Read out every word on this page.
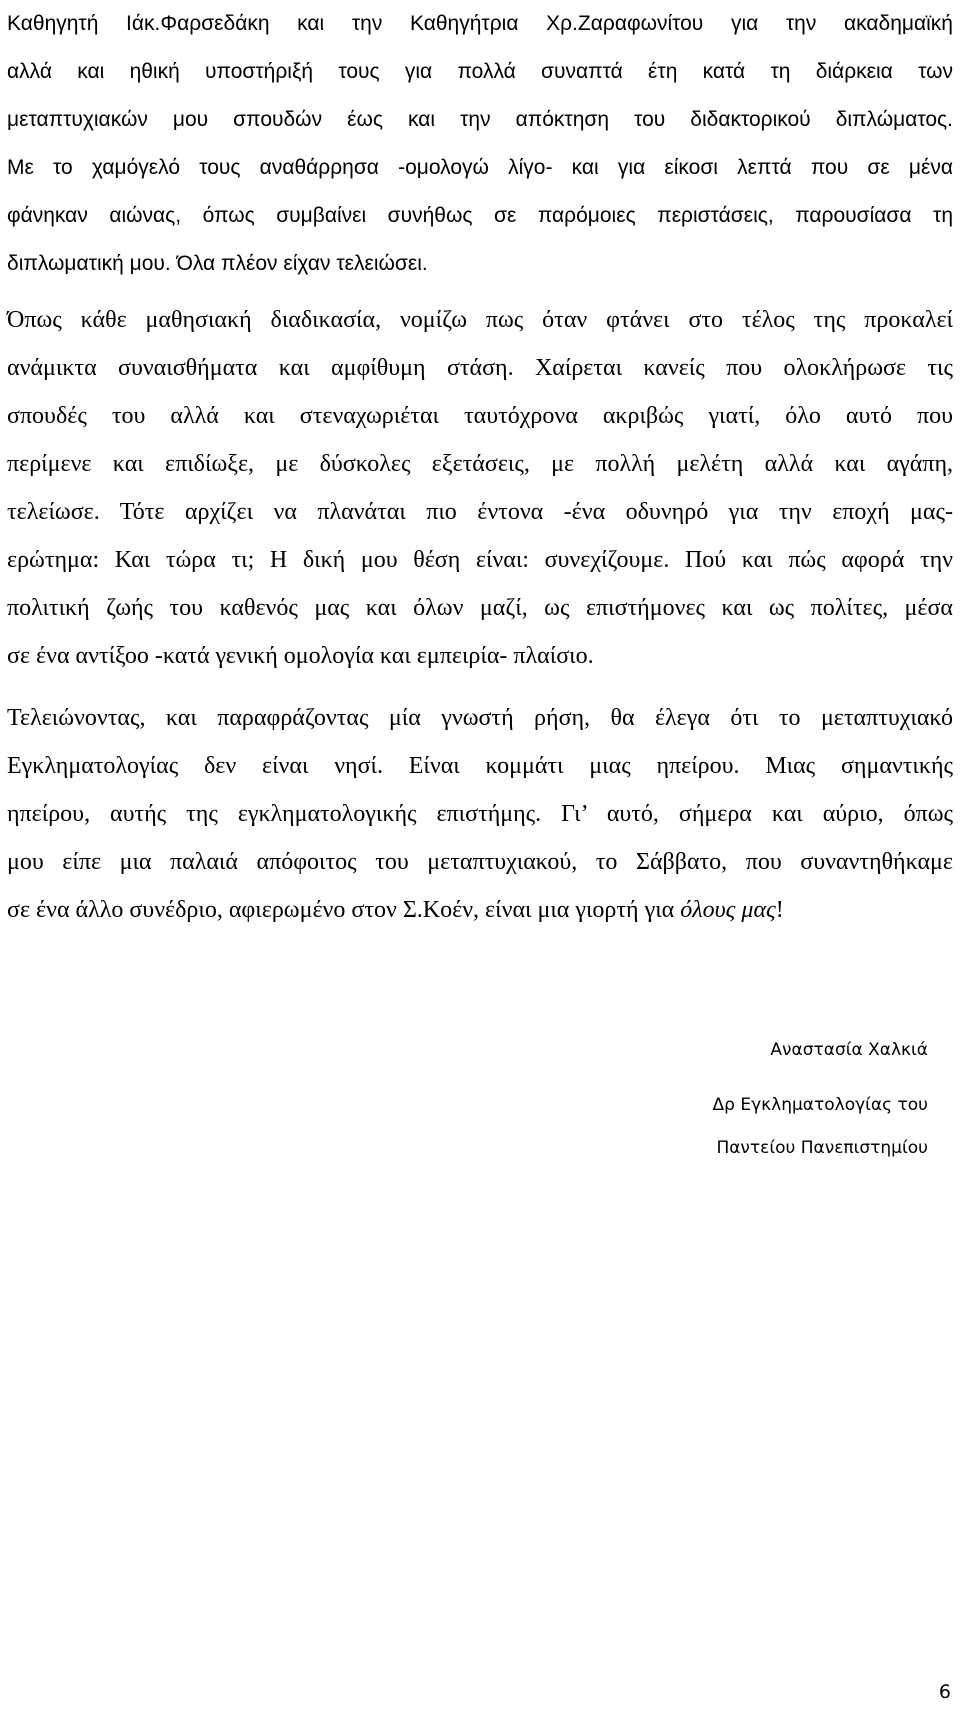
Καθηγητή Ιάκ.Φαρσεδάκη και την Καθηγήτρια Χρ.Ζαραφωνίτου για την ακαδημαϊκή
αλλά και ηθική υποστήριξή τους για πολλά συναπτά έτη κατά τη διάρκεια των
μεταπτυχιακών μου σπουδών έως και την απόκτηση του διδακτορικού διπλώματος.
Με το χαμόγελό τους αναθάρρησα -ομολογώ λίγο- και για είκοσι λεπτά που σε μένα
φάνηκαν αιώνας, όπως συμβαίνει συνήθως σε παρόμοιες περιστάσεις, παρουσίασα τη
διπλωματική μου. Όλα πλέον είχαν τελειώσει.
Όπως κάθε μαθησιακή διαδικασία, νομίζω πως όταν φτάνει στο τέλος της προκαλεί
ανάμικτα συναισθήματα και αμφίθυμη στάση. Χαίρεται κανείς που ολοκλήρωσε τις
σπουδές του αλλά και στεναχωριέται ταυτόχρονα ακριβώς γιατί, όλο αυτό που
περίμενε και επιδίωξε, με δύσκολες εξετάσεις, με πολλή μελέτη αλλά και αγάπη,
τελείωσε. Τότε αρχίζει να πλανάται πιο έντονα -ένα οδυνηρό για την εποχή μας-
ερώτημα: Και τώρα τι; Η δική μου θέση είναι: συνεχίζουμε. Πού και πώς αφορά την
πολιτική ζωής του καθενός μας και όλων μαζί, ως επιστήμονες και ως πολίτες, μέσα
σε ένα αντίξοο -κατά γενική ομολογία και εμπειρία- πλαίσιο.
Τελειώνοντας, και παραφράζοντας μία γνωστή ρήση, θα έλεγα ότι το μεταπτυχιακό
Εγκληματολογίας δεν είναι νησί. Είναι κομμάτι μιας ηπείρου. Μιας σημαντικής
ηπείρου, αυτής της εγκληματολογικής επιστήμης. Γι’ αυτό, σήμερα και αύριο, όπως
μου είπε μια παλαιά απόφοιτος του μεταπτυχιακού, το Σάββατο, που συναντηθήκαμε
σε ένα άλλο συνέδριο, αφιερωμένο στον Σ.Κοέν, είναι μια γιορτή για όλους μας!
Αναστασία Χαλκιά
Δρ Εγκληματολογίας του
Παντείου Πανεπιστημίου
6
